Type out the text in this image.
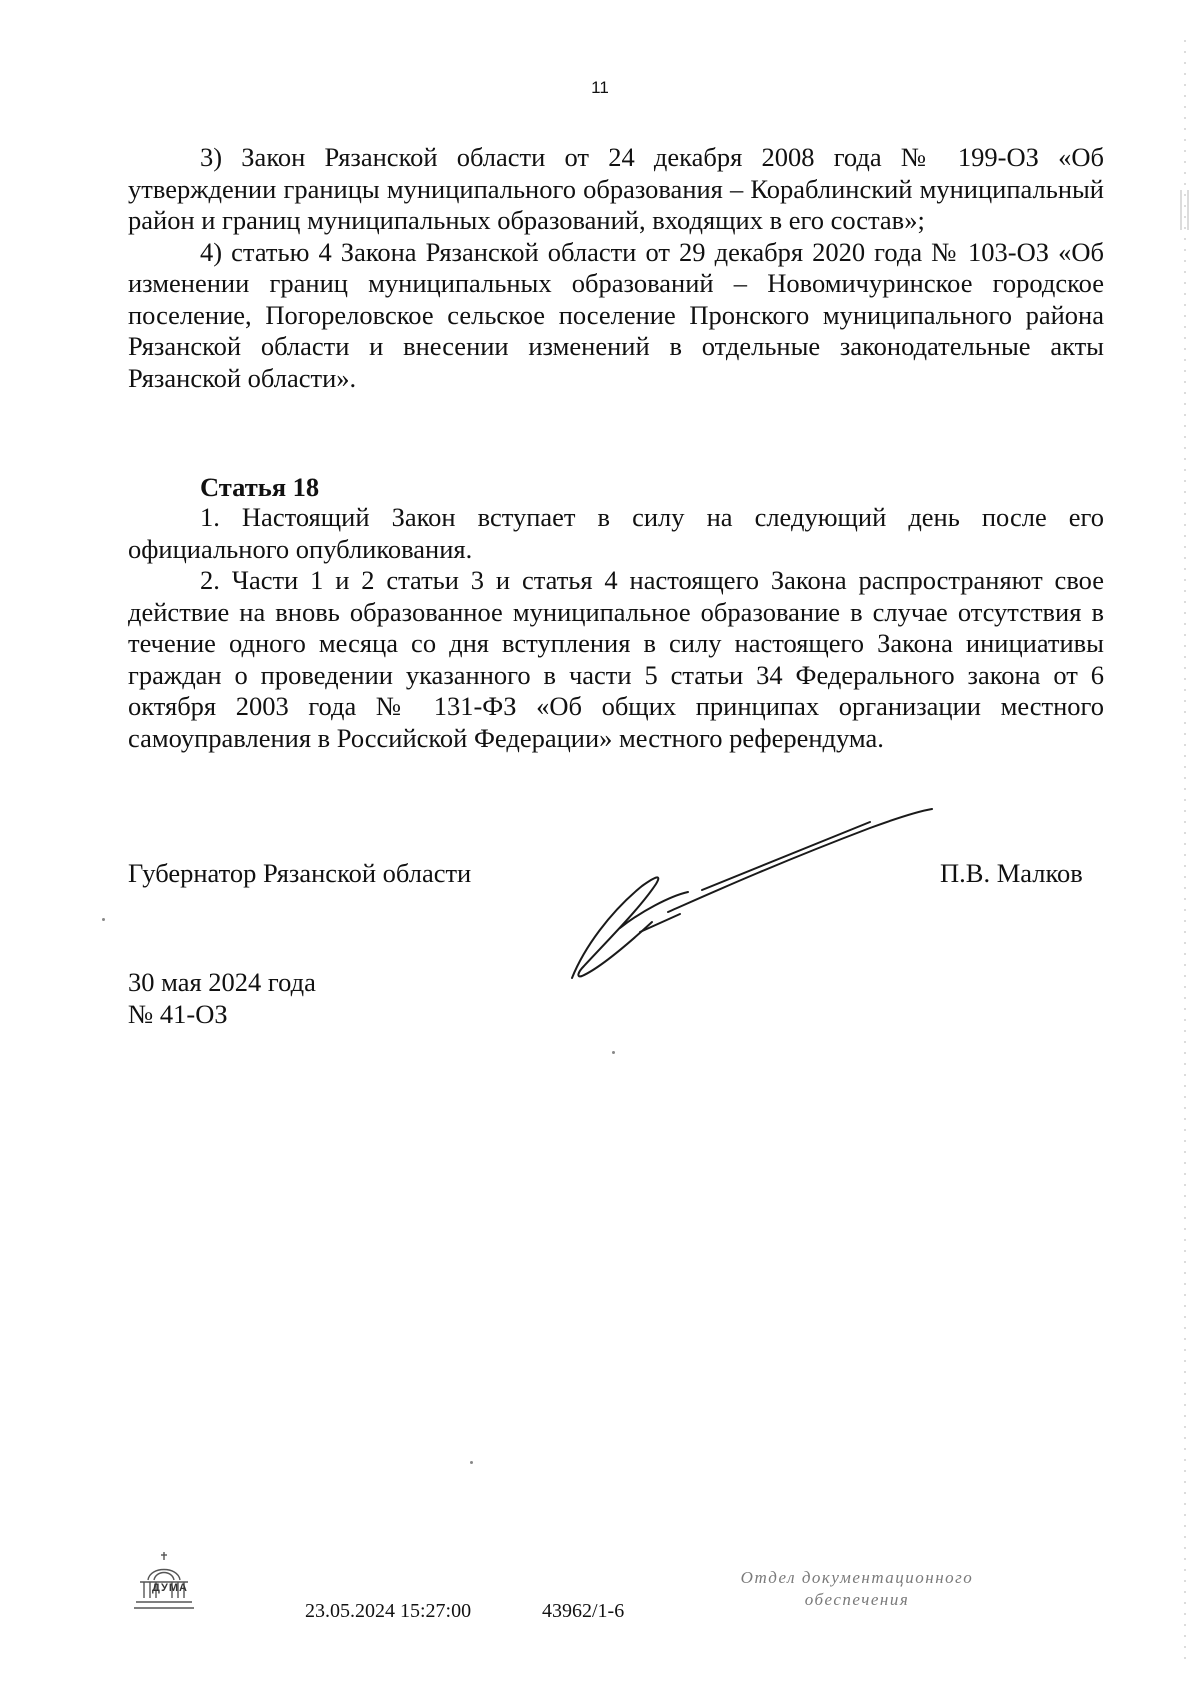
11

3) Закон Рязанской области от 24 декабря 2008 года № 199-ОЗ «Об утверждении границы муниципального образования – Кораблинский муниципальный район и границ муниципальных образований, входящих в его состав»;

4) статью 4 Закона Рязанской области от 29 декабря 2020 года № 103-ОЗ «Об изменении границ муниципальных образований – Новомичуринское городское поселение, Погореловское сельское поселение Пронского муниципального района Рязанской области и внесении изменений в отдельные законодательные акты Рязанской области».

Статья 18

1. Настоящий Закон вступает в силу на следующий день после его официального опубликования.

2. Части 1 и 2 статьи 3 и статья 4 настоящего Закона распространяют свое действие на вновь образованное муниципальное образование в случае отсутствия в течение одного месяца со дня вступления в силу настоящего Закона инициативы граждан о проведении указанного в части 5 статьи 34 Федерального закона от 6 октября 2003 года № 131-ФЗ «Об общих принципах организации местного самоуправления в Российской Федерации» местного референдума.

Губернатор Рязанской области	П.В. Малков
30 мая 2024 года
№ 41-ОЗ
ДУМА
23.05.2024 15:27:00	43962/1-6
Отдел документационного
обеспечения
